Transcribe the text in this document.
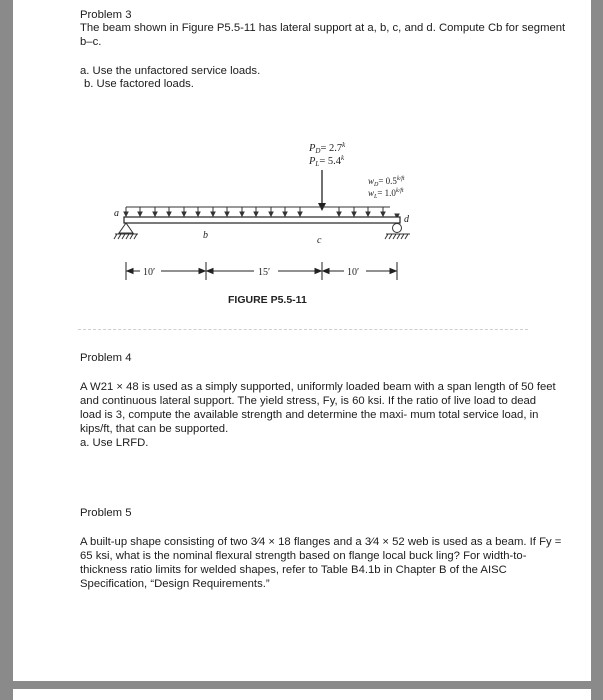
Problem 3
The beam shown in Figure P5.5-11 has lateral support at a, b, c, and d. Compute Cb for segment
b–c.
a. Use the unfactored service loads.
b. Use factored loads.
$PD= 2.7^k$
$PL= 5.4^k$
$w_D= 0.5^{k/ft}$
$w_L= 1.0^{k/ft}$
a
b	c
d
10′	15′	10′
FIGURE P5.5-11
Problem 4
A W21 × 48 is used as a simply supported, uniformly loaded beam with a span length of 50 feet
and continuous lateral support. The yield stress, Fy, is 60 ksi. If the ratio of live load to dead
load is 3, compute the available strength and determine the maxi- mum total service load, in
kips/ft, that can be supported.
a. Use LRFD.
Problem 5
A built-up shape consisting of two 3⁄4 × 18 flanges and a 3⁄4 × 52 web is used as a beam. If Fy =
65 ksi, what is the nominal flexural strength based on flange local buck ling? For width-to-
thickness ratio limits for welded shapes, refer to Table B4.1b in Chapter B of the AISC
Specification, “Design Requirements.”
